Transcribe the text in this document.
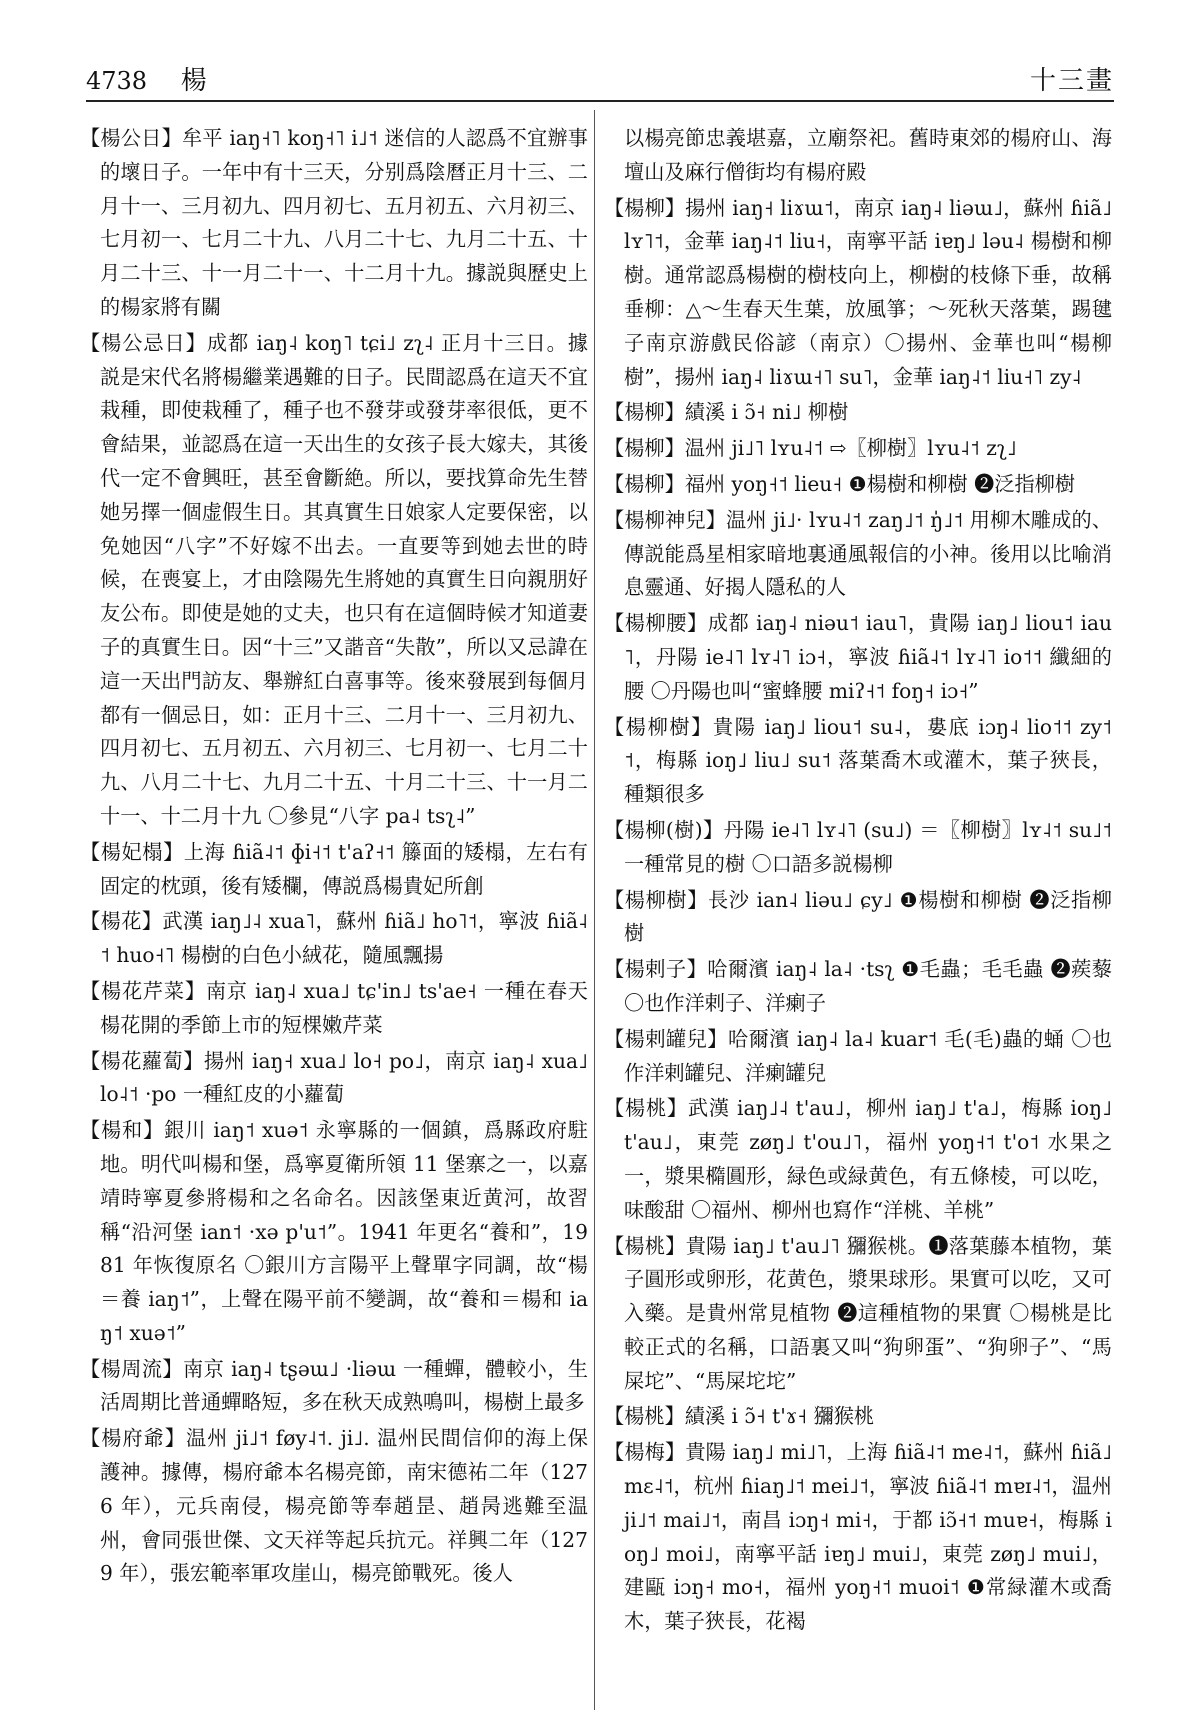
4738 楊	十三畫

【楊公日】牟平 iaŋ˧˥ koŋ˧˥ i˩˦ 迷信的人認爲不宜辦事的壞日子。一年中有十三天，分别爲陰曆正月十三、二月十一、三月初九、四月初七、五月初五、六月初三、七月初一、七月二十九、八月二十七、九月二十五、十月二十三、十一月二十一、十二月十九。據説與歷史上的楊家將有關

【楊公忌日】成都 iaŋ˨ koŋ˥ tɕi˩ zʅ˨ 正月十三日。據説是宋代名將楊繼業遇難的日子。民間認爲在這天不宜栽種，即使栽種了，種子也不發芽或發芽率很低，更不會結果，並認爲在這一天出生的女孩子長大嫁夫，其後代一定不會興旺，甚至會斷絶。所以，要找算命先生替她另擇一個虚假生日。其真實生日娘家人定要保密，以免她因“八字”不好嫁不出去。一直要等到她去世的時候，在喪宴上，才由陰陽先生將她的真實生日向親朋好友公布。即使是她的丈夫，也只有在這個時候才知道妻子的真實生日。因“十三”又諧音“失散”，所以又忌諱在這一天出門訪友、舉辦紅白喜事等。後來發展到每個月都有一個忌日，如：正月十三、二月十一、三月初九、四月初七、五月初五、六月初三、七月初一、七月二十九、八月二十七、九月二十五、十月二十三、十一月二十一、十二月十九 〇參見“八字 pa˨ tsʅ˨”

【楊妃榻】上海 ɦiã˨˦ ɸi˧˦ t'aʔ˧˦ 籐面的矮榻，左右有固定的枕頭，後有矮欄，傳説爲楊貴妃所創

【楊花】武漢 iaŋ˩˨ xua˥，蘇州 ɦiã˩ ho˥˦，寧波 ɦiã˨˦ huo˧˥ 楊樹的白色小絨花，隨風飄揚

【楊花芹菜】南京 iaŋ˨ xua˩ tɕ'in˩ ts'ae˧ 一種在春天楊花開的季節上市的短棵嫩芹菜

【楊花蘿蔔】揚州 iaŋ˧ xua˩ lo˧ po˩，南京 iaŋ˨ xua˩ lo˨˦ ·po 一種紅皮的小蘿蔔

【楊和】銀川 iaŋ˦ xuə˦ 永寧縣的一個鎮，爲縣政府駐地。明代叫楊和堡，爲寧夏衛所領 11 堡寨之一，以嘉靖時寧夏參將楊和之名命名。因該堡東近黄河，故習稱“沿河堡 ian˦ ·xə p'u˦”。1941 年更名“養和”，1981 年恢復原名 〇銀川方言陽平上聲單字同調，故“楊＝養 iaŋ˦”，上聲在陽平前不變調，故“養和＝楊和 iaŋ˦ xuə˦”

【楊周流】南京 iaŋ˨ tʂəɯ˩ ·liəɯ 一種蟬，體較小，生活周期比普通蟬略短，多在秋天成熟鳴叫，楊樹上最多

【楊府爺】温州 ji˩˦ føy˨˦. ji˩. 温州民間信仰的海上保護神。據傳，楊府爺本名楊亮節，南宋德祐二年（1276 年），元兵南侵，楊亮節等奉趙昰、趙昺逃難至温州，會同張世傑、文天祥等起兵抗元。祥興二年（1279 年），張宏範率軍攻崖山，楊亮節戰死。後人

以楊亮節忠義堪嘉，立廟祭祀。舊時東郊的楊府山、海壇山及麻行僧街均有楊府殿

【楊柳】揚州 iaŋ˧ liɤɯ˦，南京 iaŋ˨ liəɯ˩，蘇州 ɦiã˩ lʏ˥˦，金華 iaŋ˨˦ liu˧，南寧平話 iɐŋ˩ ləu˨ 楊樹和柳樹。通常認爲楊樹的樹枝向上，柳樹的枝條下垂，故稱垂柳：△～生春天生葉，放風箏；～死秋天落葉，踢毽子南京游戲民俗諺（南京）〇揚州、金華也叫“楊柳樹”，揚州 iaŋ˨ liɤɯ˧˥ su˥，金華 iaŋ˨˦ liu˧˥ zy˨

【楊柳】績溪 i ɔ̃˧ ni˩ 柳樹

【楊柳】温州 ji˩˥ lʏu˨˦ ⇨〖柳樹〗lʏu˨˦ zʅ˩

【楊柳】福州 yoŋ˧˦ lieu˧ ❶楊樹和柳樹 ❷泛指柳樹

【楊柳神兒】温州 ji˩· lʏu˨˦ zaŋ˩˦ ŋ̍˩˦ 用柳木雕成的、傳説能爲星相家暗地裏通風報信的小神。後用以比喻消息靈通、好揭人隱私的人

【楊柳腰】成都 iaŋ˨ niəu˦ iau˥，貴陽 iaŋ˩ liou˦ iau˥，丹陽 ie˨˥ lʏ˨˥ iɔ˧，寧波 ɦiã˨˦ lʏ˨˥ io˦˦ 纖細的腰 〇丹陽也叫“蜜蜂腰 miʔ˧˦ foŋ˧ iɔ˧”

【楊柳樹】貴陽 iaŋ˩ liou˦ su˨，婁底 iɔŋ˨ lio˦˦ zy˦˦，梅縣 ioŋ˩ liu˩ su˦ 落葉喬木或灌木，葉子狹長，種類很多

【楊柳(樹)】丹陽 ie˨˥ lʏ˨˥ (su˩) ＝〖柳樹〗lʏ˨˦ su˩˦ 一種常見的樹 〇口語多説楊柳

【楊柳樹】長沙 ian˨ liəu˩ ɕy˩ ❶楊樹和柳樹 ❷泛指柳樹

【楊剌子】哈爾濱 iaŋ˨ la˨ ·tsʅ ❶毛蟲；毛毛蟲 ❷蒺藜 〇也作洋剌子、洋瘌子

【楊剌罐兒】哈爾濱 iaŋ˨ la˨ kuar˦ 毛(毛)蟲的蛹 〇也作洋剌罐兒、洋瘌罐兒

【楊桃】武漢 iaŋ˩˨ t'au˩，柳州 iaŋ˩ t'a˩，梅縣 ioŋ˩ t'au˩，東莞 zøŋ˩ t'ou˩˥，福州 yoŋ˧˦ t'o˦ 水果之一，漿果橢圓形，緑色或緑黄色，有五條棱，可以吃，味酸甜 〇福州、柳州也寫作“洋桃、羊桃”

【楊桃】貴陽 iaŋ˩ t'au˩˥ 獼猴桃。❶落葉藤本植物，葉子圓形或卵形，花黄色，漿果球形。果實可以吃，又可入藥。是貴州常見植物 ❷這種植物的果實 〇楊桃是比較正式的名稱，口語裏又叫“狗卵蛋”、“狗卵子”、“馬屎坨”、“馬屎坨坨”

【楊桃】績溪 i ɔ̃˧ t'ɤ˧ 獼猴桃

【楊梅】貴陽 iaŋ˩ mi˩˥，上海 ɦiã˨˦ me˨˦，蘇州 ɦiã˩ mɛ˨˦，杭州 ɦiaŋ˩˦ mei˩˦，寧波 ɦiã˨˦ mɐɪ˨˦，温州 ji˩˦ mai˩˦，南昌 iɔŋ˧ mi˧，于都 iɔ̃˧˦ muɐ˧，梅縣 ioŋ˩ moi˩，南寧平話 iɐŋ˩ mui˩，東莞 zøŋ˩ mui˩，建甌 iɔŋ˧ mo˧，福州 yoŋ˧˦ muoi˦ ❶常緑灌木或喬木，葉子狹長，花褐
